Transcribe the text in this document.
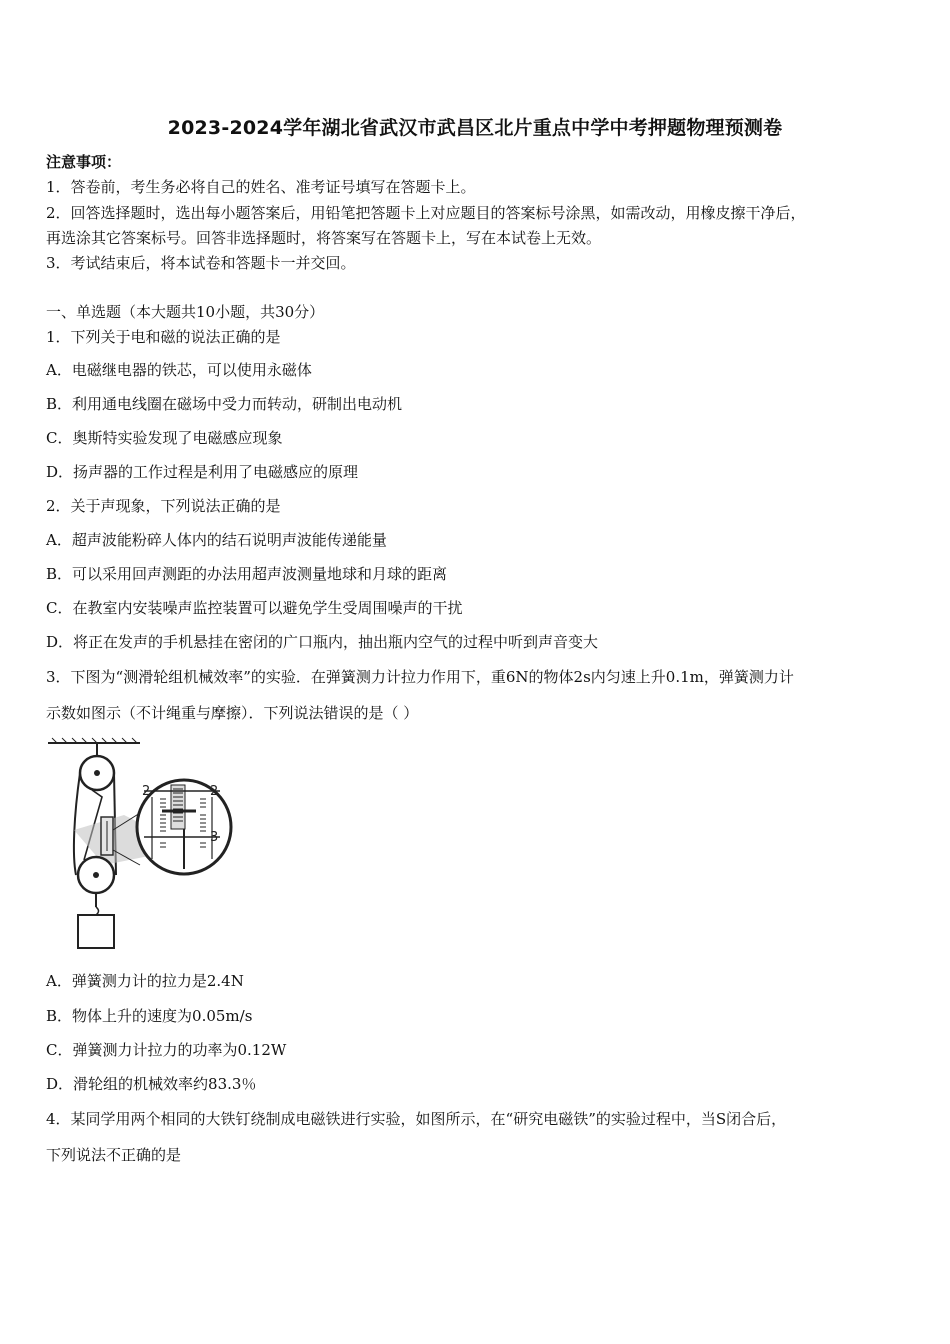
2023-2024学年湖北省武汉市武昌区北片重点中学中考押题物理预测卷
注意事项：
1．答卷前，考生务必将自己的姓名、准考证号填写在答题卡上。
2．回答选择题时，选出每小题答案后，用铅笔把答题卡上对应题目的答案标号涂黑，如需改动，用橡皮擦干净后，
再选涂其它答案标号。回答非选择题时，将答案写在答题卡上，写在本试卷上无效。
3．考试结束后，将本试卷和答题卡一并交回。
一、单选题（本大题共10小题，共30分）
1．下列关于电和磁的说法正确的是
A．电磁继电器的铁芯，可以使用永磁体
B．利用通电线圈在磁场中受力而转动，研制出电动机
C．奥斯特实验发现了电磁感应现象
D．扬声器的工作过程是利用了电磁感应的原理
2．关于声现象，下列说法正确的是
A．超声波能粉碎人体内的结石说明声波能传递能量
B．可以采用回声测距的办法用超声波测量地球和月球的距离
C．在教室内安装噪声监控装置可以避免学生受周围噪声的干扰
D．将正在发声的手机悬挂在密闭的广口瓶内，抽出瓶内空气的过程中听到声音变大
3．下图为“测滑轮组机械效率”的实验．在弹簧测力计拉力作用下，重6N的物体2s内匀速上升0.1m，弹簧测力计
示数如图示（不计绳重与摩擦）．下列说法错误的是（ ）
2	2
3
A．弹簧测力计的拉力是2.4N
B．物体上升的速度为0.05m/s
C．弹簧测力计拉力的功率为0.12W
D．滑轮组的机械效率约83.3％
4．某同学用两个相同的大铁钉绕制成电磁铁进行实验，如图所示，在“研究电磁铁”的实验过程中，当S闭合后，
下列说法不正确的是
